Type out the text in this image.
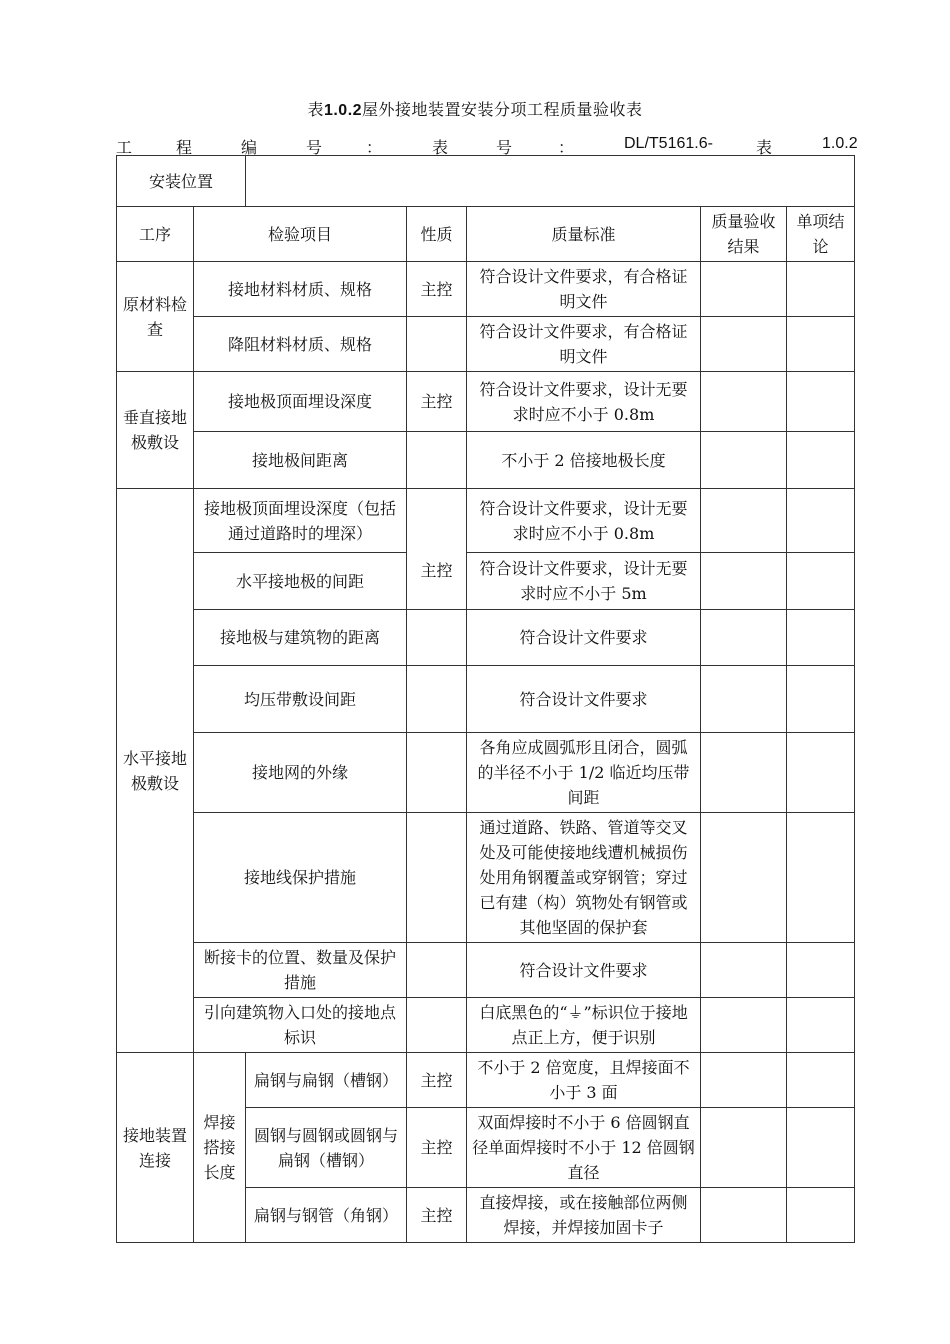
表1.0.2屋外接地装置安装分项工程质量验收表
工	程	编	号	：	表	号	：	DL/T5161.6-	表	1.0.2
安装位置						
工序	检验项目		性质	质量标准	质量验收结果	单项结论
原材料检查	接地材料材质、规格		主控	符合设计文件要求，有合格证明文件		
	降阻材料材质、规格			符合设计文件要求，有合格证明文件		
垂直接地极敷设	接地极顶面埋设深度		主控	符合设计文件要求，设计无要求时应不小于 0.8m		
	接地极间距离			不小于 2 倍接地极长度		
水平接地极敷设	接地极顶面埋设深度（包括通过道路时的埋深）		主控	符合设计文件要求，设计无要求时应不小于 0.8m		
	水平接地极的间距			符合设计文件要求，设计无要求时应不小于 5m		
	接地极与建筑物的距离			符合设计文件要求		
	均压带敷设间距			符合设计文件要求		
	接地网的外缘			各角应成圆弧形且闭合，圆弧的半径不小于 1/2 临近均压带间距		
	接地线保护措施			通过道路、铁路、管道等交叉处及可能使接地线遭机械损伤处用角钢覆盖或穿钢管；穿过已有建（构）筑物处有钢管或其他坚固的保护套		
	断接卡的位置、数量及保护措施			符合设计文件要求		
	引向建筑物入口处的接地点标识			白底黑色的“⏚”标识位于接地点正上方，便于识别		
接地装置连接	焊接搭接长度	扁钢与扁钢（槽钢）	主控	不小于 2 倍宽度，且焊接面不小于 3 面		
		圆钢与圆钢或圆钢与扁钢（槽钢）	主控	双面焊接时不小于 6 倍圆钢直径单面焊接时不小于 12 倍圆钢直径		
		扁钢与钢管（角钢）	主控	直接焊接，或在接触部位两侧焊接，并焊接加固卡子		
